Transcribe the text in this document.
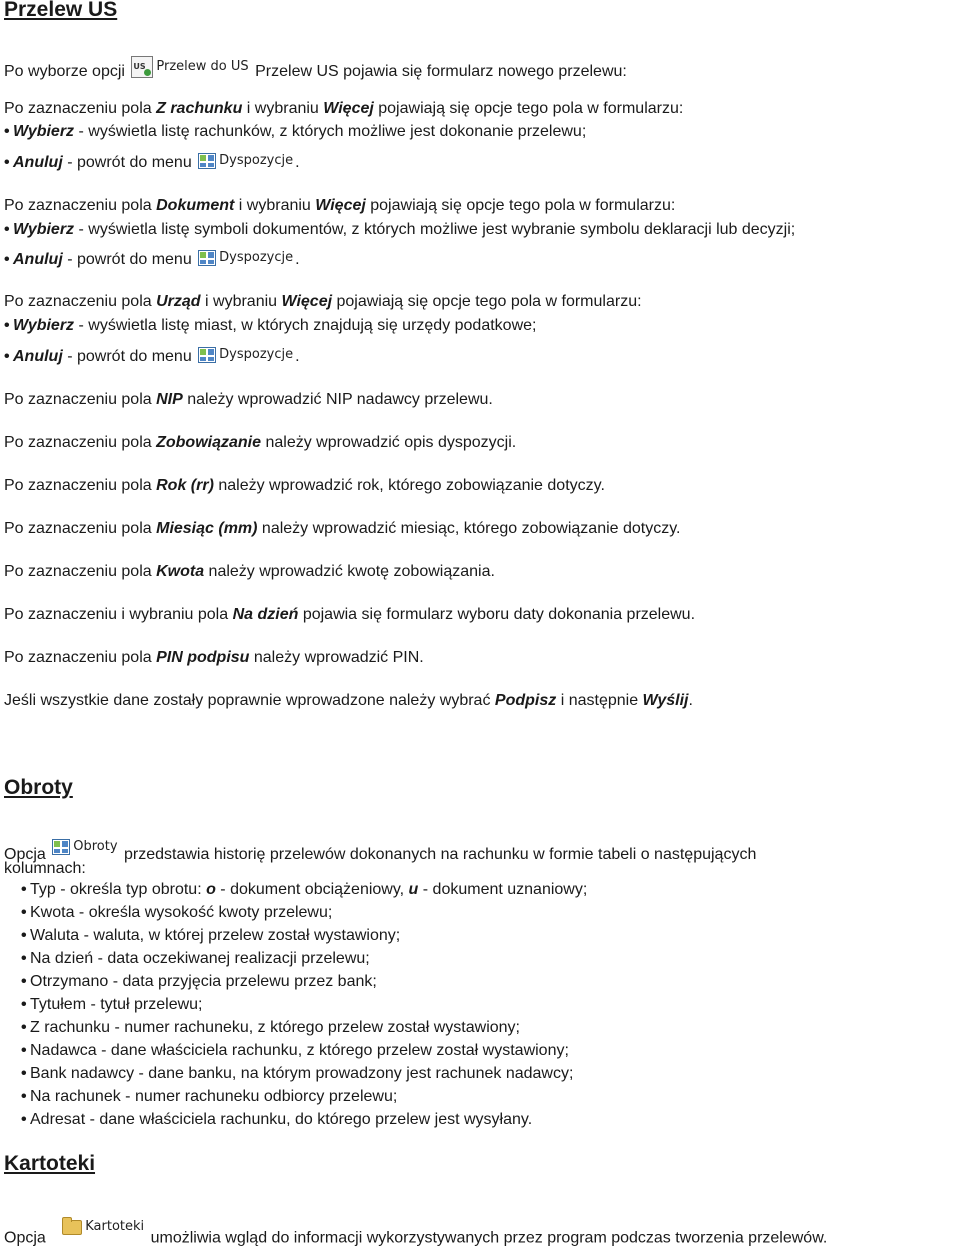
Przelew US
Po wyborze opcji
US Przelew do US Przelew US pojawia się formularz nowego przelewu:
Po zaznaczeniu pola Z rachunku i wybraniu Więcej pojawiają się opcje tego pola w formularzu:
• Wybierz - wyświetla listę rachunków, z których możliwe jest dokonanie przelewu;
• Anuluj - powrót do menu Dyspozycje .
Po zaznaczeniu pola Dokument i wybraniu Więcej pojawiają się opcje tego pola w formularzu:
• Wybierz - wyświetla listę symboli dokumentów, z których możliwe jest wybranie symbolu deklaracji lub decyzji;
• Anuluj - powrót do menu Dyspozycje .
Po zaznaczeniu pola Urząd i wybraniu Więcej pojawiają się opcje tego pola w formularzu:
• Wybierz - wyświetla listę miast, w których znajdują się urzędy podatkowe;
• Anuluj - powrót do menu Dyspozycje .
Po zaznaczeniu pola NIP należy wprowadzić NIP nadawcy przelewu.
Po zaznaczeniu pola Zobowiązanie należy wprowadzić opis dyspozycji.
Po zaznaczeniu pola Rok (rr) należy wprowadzić rok, którego zobowiązanie dotyczy.
Po zaznaczeniu pola Miesiąc (mm) należy wprowadzić miesiąc, którego zobowiązanie dotyczy.
Po zaznaczeniu pola Kwota należy wprowadzić kwotę zobowiązania.
Po zaznaczeniu i wybraniu pola Na dzień pojawia się formularz wyboru daty dokonania przelewu.
Po zaznaczeniu pola PIN podpisu należy wprowadzić PIN.
Jeśli wszystkie dane zostały poprawnie wprowadzone należy wybrać Podpisz i następnie Wyślij.
Obroty
Opcja Obroty przedstawia historię przelewów dokonanych na rachunku w formie tabeli o następujących
kolumnach:
• Typ - określa typ obrotu: o - dokument obciążeniowy, u - dokument uznaniowy;
• Kwota - określa wysokość kwoty przelewu;
• Waluta - waluta, w której przelew został wystawiony;
• Na dzień - data oczekiwanej realizacji przelewu;
• Otrzymano - data przyjęcia przelewu przez bank;
• Tytułem - tytuł przelewu;
• Z rachunku - numer rachuneku, z którego przelew został wystawiony;
• Nadawca - dane właściciela rachunku, z którego przelew został wystawiony;
• Bank nadawcy - dane banku, na którym prowadzony jest rachunek nadawcy;
• Na rachunek - numer rachuneku odbiorcy przelewu;
• Adresat - dane właściciela rachunku, do którego przelew jest wysyłany.
Kartoteki
Opcja
Kartoteki
umożliwia wgląd do informacji wykorzystywanych przez program podczas tworzenia przelewów.
